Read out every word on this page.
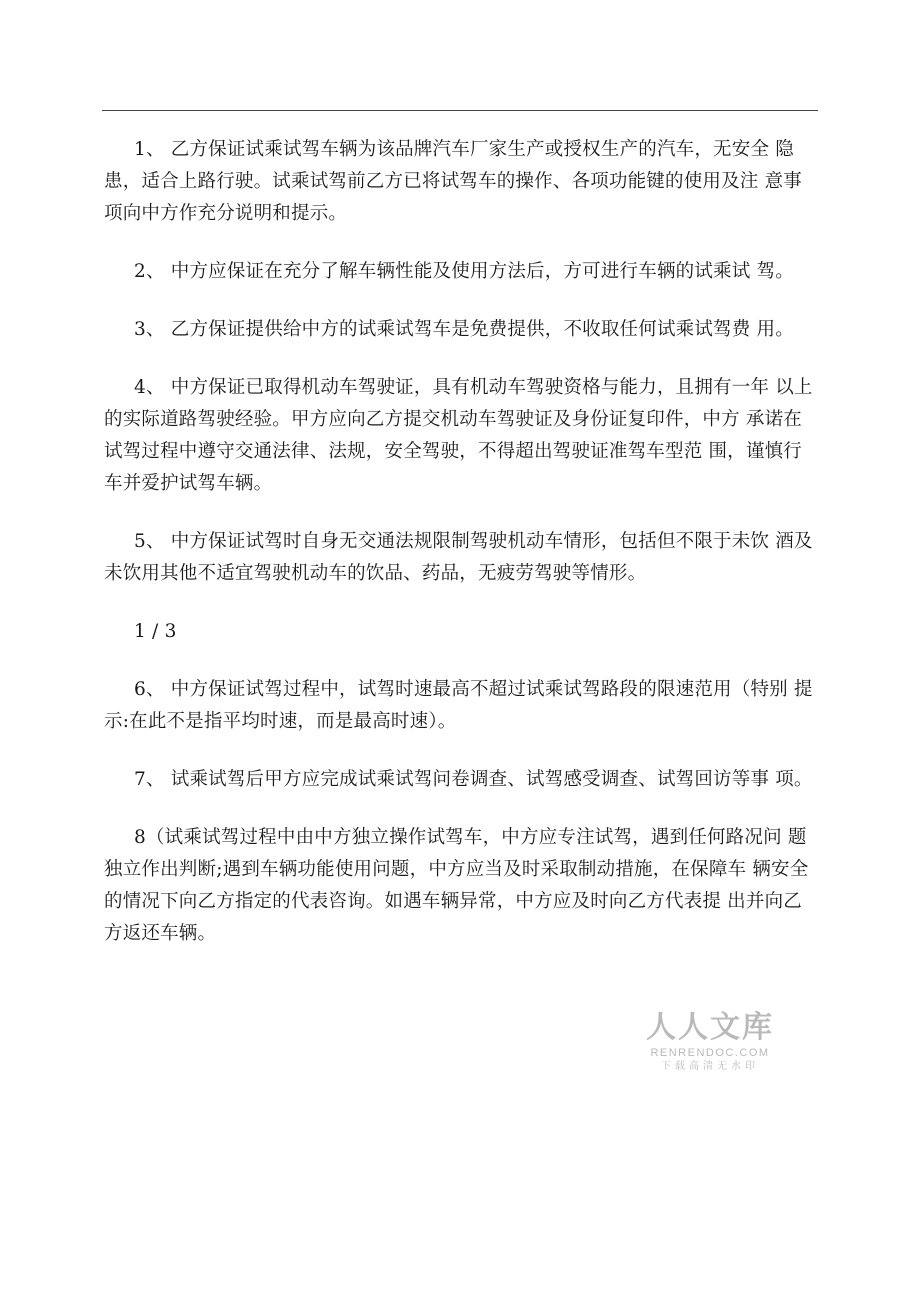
1、 乙方保证试乘试驾车辆为该品牌汽车厂家生产或授权生产的汽车，无安全 隐
患，适合上路行驶。试乘试驾前乙方已将试驾车的操作、各项功能键的使用及注 意事
项向中方作充分说明和提示。
2、 中方应保证在充分了解车辆性能及使用方法后，方可进行车辆的试乘试 驾。
3、 乙方保证提供给中方的试乘试驾车是免费提供，不收取任何试乘试驾费 用。
4、 中方保证已取得机动车驾驶证，具有机动车驾驶资格与能力，且拥有一年 以上
的实际道路驾驶经验。甲方应向乙方提交机动车驾驶证及身份证复印件，中方 承诺在
试驾过程中遵守交通法律、法规，安全驾驶，不得超出驾驶证准驾车型范 围，谨慎行
车并爱护试驾车辆。
5、 中方保证试驾时自身无交通法规限制驾驶机动车情形，包括但不限于未饮 酒及
未饮用其他不适宜驾驶机动车的饮品、药品，无疲劳驾驶等情形。
1 / 3
6、 中方保证试驾过程中，试驾时速最高不超过试乘试驾路段的限速范用（特别 提
示:在此不是指平均时速，而是最高时速）。
7、 试乘试驾后甲方应完成试乘试驾问卷调查、试驾感受调查、试驾回访等事 项。
8（试乘试驾过程中由中方独立操作试驾车，中方应专注试驾，遇到任何路况问 题
独立作出判断;遇到车辆功能使用问题，中方应当及时采取制动措施，在保障车 辆安全
的情况下向乙方指定的代表咨询。如遇车辆异常，中方应及时向乙方代表提 出并向乙
方返还车辆。
人人文库
RENRENDOC.COM
下载高清无水印
